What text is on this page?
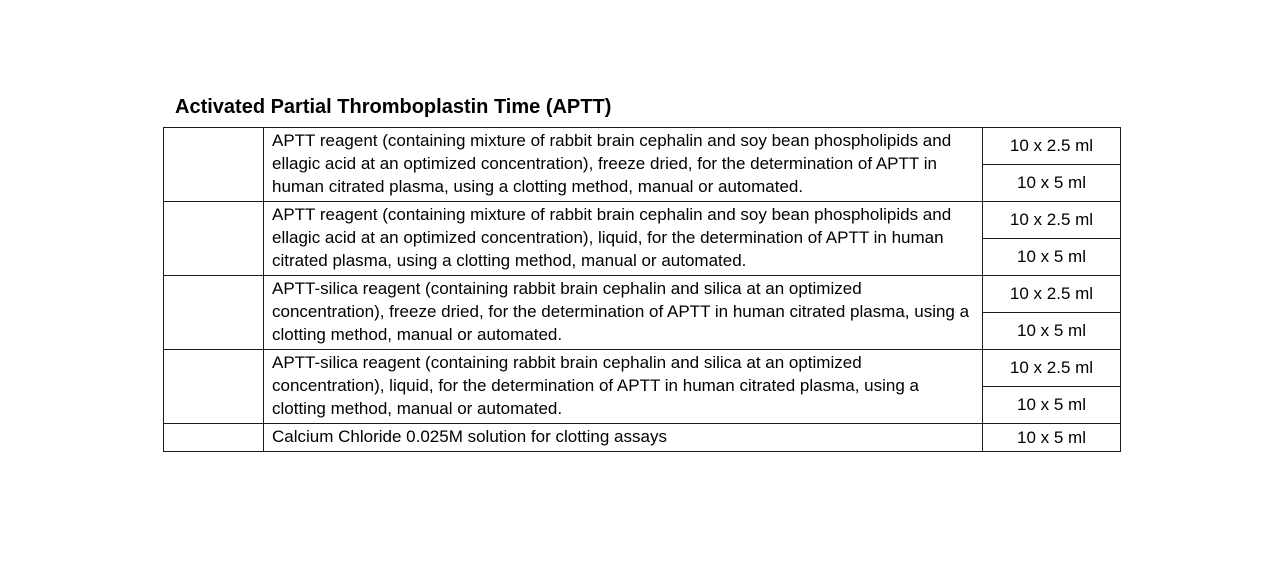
Activated Partial Thromboplastin Time (APTT)
	APTT reagent (containing mixture of rabbit brain cephalin and soy bean phospholipids and ellagic acid at an optimized concentration), freeze dried, for the determination of APTT in human citrated plasma, using a clotting method, manual or automated.	10 x 2.5 ml
		10 x 5 ml
	APTT reagent (containing mixture of rabbit brain cephalin and soy bean phospholipids and ellagic acid at an optimized concentration), liquid, for the determination of APTT in human citrated plasma, using a clotting method, manual or automated.	10 x 2.5 ml
		10 x 5 ml
	APTT-silica reagent (containing rabbit brain cephalin and silica at an optimized concentration), freeze dried, for the determination of APTT in human citrated plasma, using a clotting method, manual or automated.	10 x 2.5 ml
		10 x 5 ml
	APTT-silica reagent (containing rabbit brain cephalin and silica at an optimized concentration), liquid, for the determination of APTT in human citrated plasma, using a clotting method, manual or automated.	10 x 2.5 ml
		10 x 5 ml
	Calcium Chloride 0.025M solution for clotting assays	10 x 5 ml
